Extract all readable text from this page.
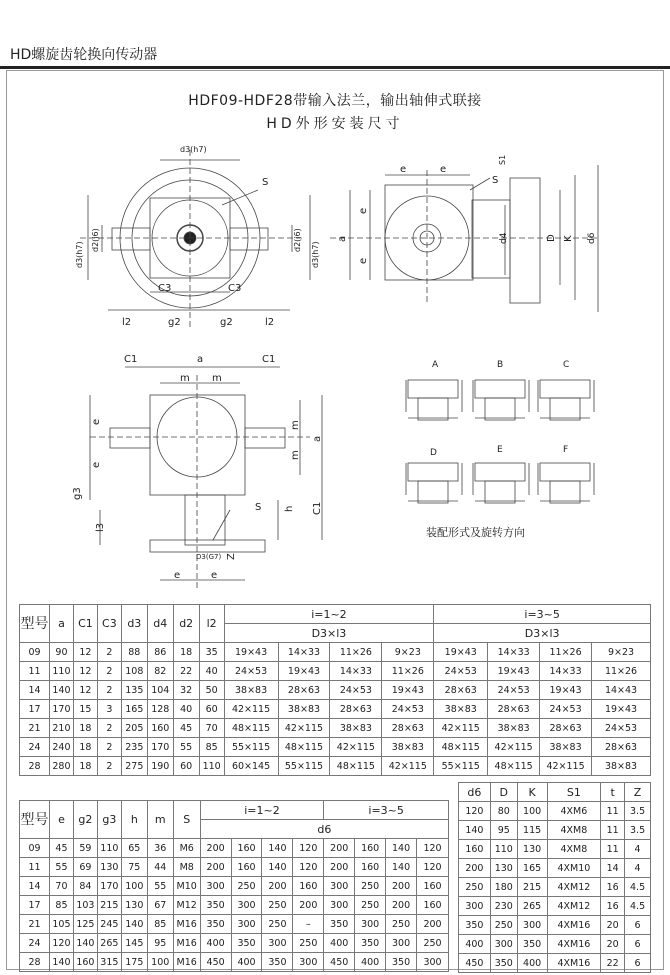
HD螺旋齿轮换向传动器
HDF09-HDF28带输入法兰，输出轴伸式联接
HD外形安装尺寸
d3(h7)
S
d3(h7)
d2(j6)	d2(j6)
d3(h7)
C3	C3
l2	g2	g2	l2
e	e
S1
S
a
e
e
d4	D K d6
C1	a	C1
m m
e
e
m
m
a
g3
C1
h
l3
S
D3(G7) Z
e	e
A	B	C
D	E	F
装配形式及旋转方向
型号	a	C1	C3	d3	d4	d2	l2	i=1~2				i=3~5			
								D3×l3				D3×l3			
09	90	12	2	88	86	18	35	19×43	14×33	11×26	9×23	19×43	14×33	11×26	9×23
11	110	12	2	108	82	22	40	24×53	19×43	14×33	11×26	24×53	19×43	14×33	11×26
14	140	12	2	135	104	32	50	38×83	28×63	24×53	19×43	28×63	24×53	19×43	14×43
17	170	15	3	165	128	40	60	42×115	38×83	28×63	24×53	38×83	28×63	24×53	19×43
21	210	18	2	205	160	45	70	48×115	42×115	38×83	28×63	42×115	38×83	28×63	24×53
24	240	18	2	235	170	55	85	55×115	48×115	42×115	38×83	48×115	42×115	38×83	28×63
28	280	18	2	275	190	60	110	60×145	55×115	48×115	42×115	55×115	48×115	42×115	38×83
型号	e	g2	g3	h	m	S	i=1~2				i=3~5			
							d6							
09	45	59	110	65	36	M6	200	160	140	120	200	160	140	120
11	55	69	130	75	44	M8	200	160	140	120	200	160	140	120
14	70	84	170	100	55	M10	300	250	200	160	300	250	200	160
17	85	103	215	130	67	M12	350	300	250	200	300	250	200	160
21	105	125	245	140	85	M16	350	300	250	–	350	300	250	200
24	120	140	265	145	95	M16	400	350	300	250	400	350	300	250
28	140	160	315	175	100	M16	450	400	350	300	450	400	350	300
d6	D	K	S1	t	Z
120	80	100	4XM6	11	3.5
140	95	115	4XM8	11	3.5
160	110	130	4XM8	11	4
200	130	165	4XM10	14	4
250	180	215	4XM12	16	4.5
300	230	265	4XM12	16	4.5
350	250	300	4XM16	20	6
400	300	350	4XM16	20	6
450	350	400	4XM16	22	6
